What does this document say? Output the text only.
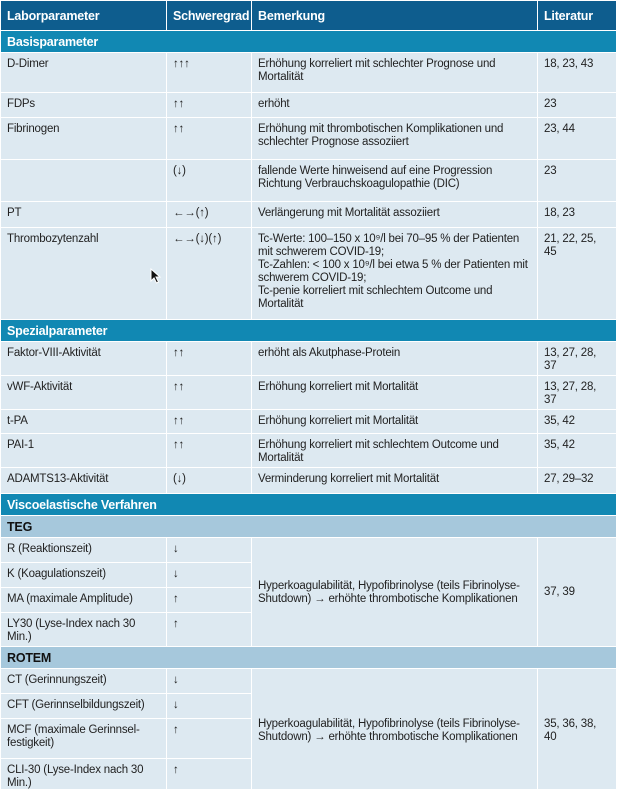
Laborparameter	Schweregrad	Bemerkung	Literatur
Basisparameter			
D-Dimer	↑↑↑	Erhöhung korreliert mit schlechter Prognose und Mortalität	18, 23, 43
FDPs	↑↑	erhöht	23
Fibrinogen	↑↑	Erhöhung mit thrombotischen Komplikationen und schlechter Prognose assoziiert	23, 44
	(↓)	fallende Werte hinweisend auf eine Progression Richtung Verbrauchskoagulopathie (DIC)	23
PT	←→(↑)	Verlängerung mit Mortalität assoziiert	18, 23
Thrombozytenzahl	←→(↓)(↑)	Tc-Werte: 100–150 x 10⁹/l bei 70–95 % der Patienten mit schwerem COVID-19;
Tc-Zahlen: < 100 x 10⁹/l bei etwa 5 % der Patienten mit schwerem COVID-19;
Tc-penie korreliert mit schlechtem Outcome und Mortalität	21, 22, 25, 45
Spezialparameter			
Faktor-VIII-Aktivität	↑↑	erhöht als Akutphase-Protein	13, 27, 28, 37
vWF-Aktivität	↑↑	Erhöhung korreliert mit Mortalität	13, 27, 28, 37
t-PA	↑↑	Erhöhung korreliert mit Mortalität	35, 42
PAI-1	↑↑	Erhöhung korreliert mit schlechtem Outcome und Mortalität	35, 42
ADAMTS13-Aktivität	(↓)	Verminderung korreliert mit Mortalität	27, 29–32
Viscoelastische Verfahren			
TEG			
R (Reaktionszeit)	↓	Hyperkoagulabilität, Hypofibrinolyse (teils Fibrinolyse-Shutdown) → erhöhte thrombotische Komplikationen	37, 39
K (Koagulationszeit)	↓		
MA (maximale Amplitude)	↑		
LY30 (Lyse-Index nach 30 Min.)	↑		
ROTEM			
CT (Gerinnungszeit)	↓	Hyperkoagulabilität, Hypofibrinolyse (teils Fibrinolyse-Shutdown) → erhöhte thrombotische Komplikationen	35, 36, 38, 40
CFT (Gerinnselbildungszeit)	↓		
MCF (maximale Gerinnsel-festigkeit)	↑		
CLI-30 (Lyse-Index nach 30 Min.)	↑		
